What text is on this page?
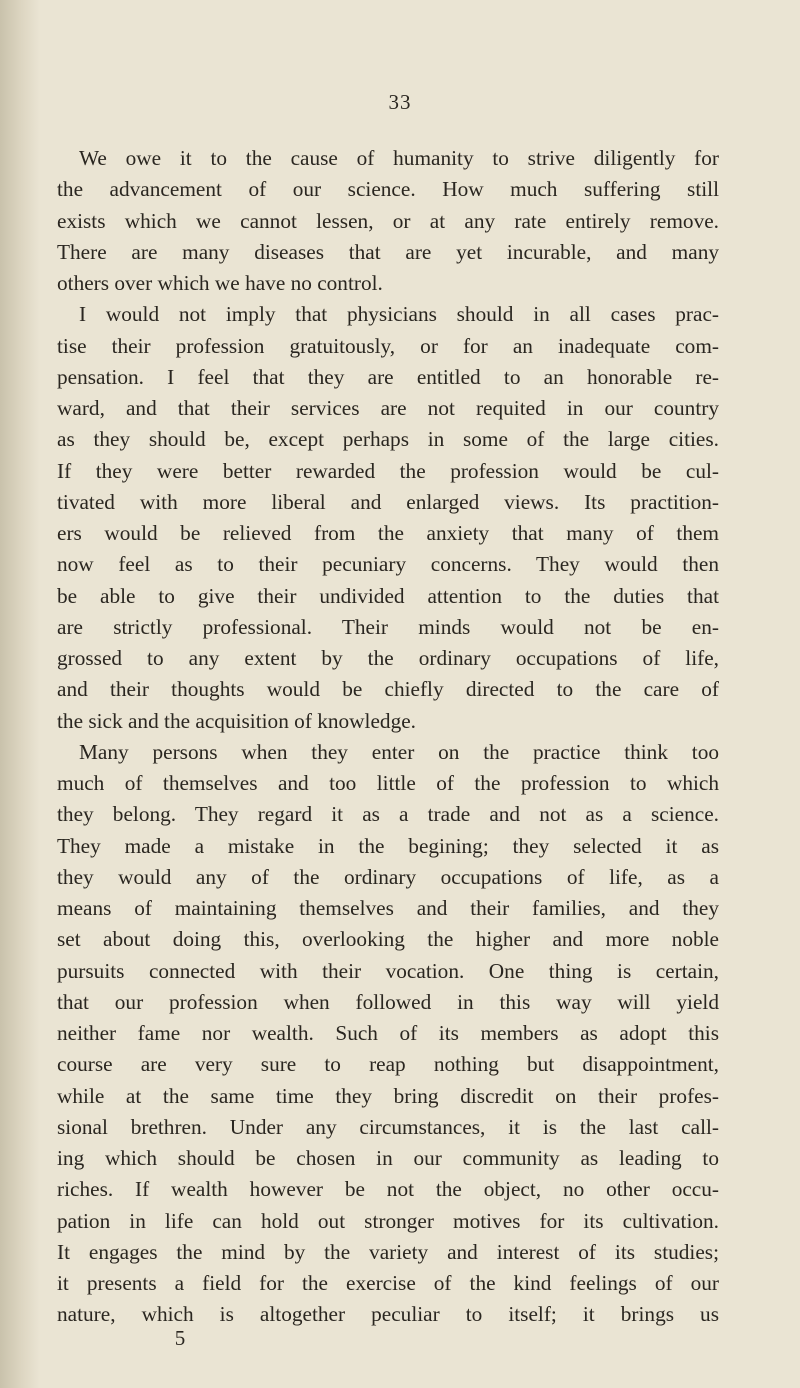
33
We owe it to the cause of humanity to strive diligently for
the advancement of our science. How much suffering still
exists which we cannot lessen, or at any rate entirely remove.
There are many diseases that are yet incurable, and many
others over which we have no control.
I would not imply that physicians should in all cases prac-
tise their profession gratuitously, or for an inadequate com-
pensation. I feel that they are entitled to an honorable re-
ward, and that their services are not requited in our country
as they should be, except perhaps in some of the large cities.
If they were better rewarded the profession would be cul-
tivated with more liberal and enlarged views. Its practition-
ers would be relieved from the anxiety that many of them
now feel as to their pecuniary concerns. They would then
be able to give their undivided attention to the duties that
are strictly professional. Their minds would not be en-
grossed to any extent by the ordinary occupations of life,
and their thoughts would be chiefly directed to the care of
the sick and the acquisition of knowledge.
Many persons when they enter on the practice think too
much of themselves and too little of the profession to which
they belong. They regard it as a trade and not as a science.
They made a mistake in the begining; they selected it as
they would any of the ordinary occupations of life, as a
means of maintaining themselves and their families, and they
set about doing this, overlooking the higher and more noble
pursuits connected with their vocation. One thing is certain,
that our profession when followed in this way will yield
neither fame nor wealth. Such of its members as adopt this
course are very sure to reap nothing but disappointment,
while at the same time they bring discredit on their profes-
sional brethren. Under any circumstances, it is the last call-
ing which should be chosen in our community as leading to
riches. If wealth however be not the object, no other occu-
pation in life can hold out stronger motives for its cultivation.
It engages the mind by the variety and interest of its studies;
it presents a field for the exercise of the kind feelings of our
nature, which is altogether peculiar to itself; it brings us
5
